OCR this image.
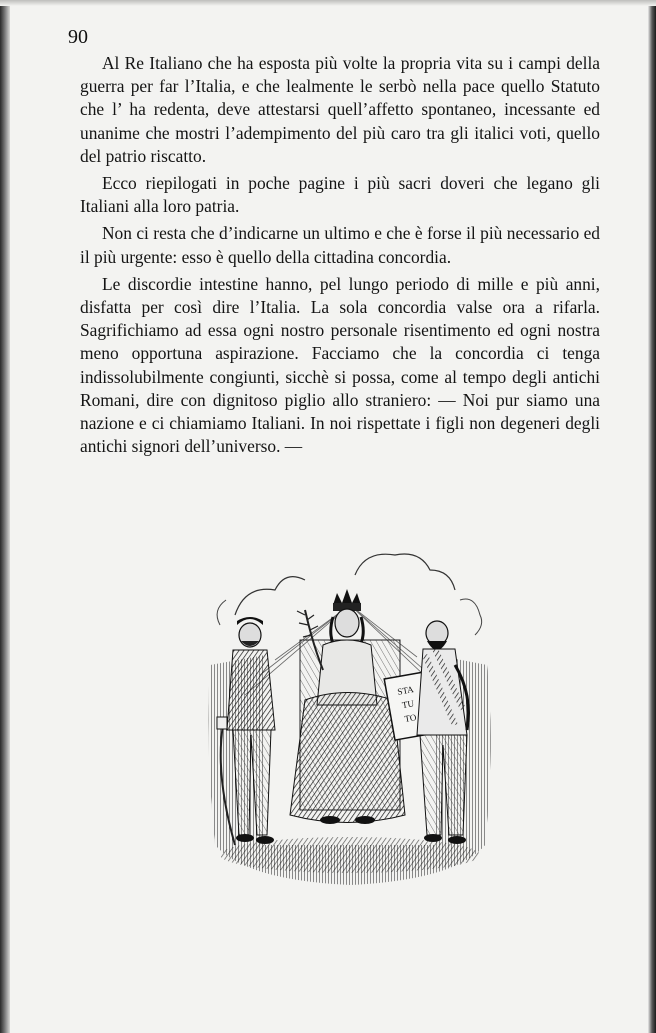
90

Al Re Italiano che ha esposta più volte la propria vita su i campi della guerra per far l’Italia, e che lealmente le serbò nella pace quello Statuto che l’ ha redenta, deve attestarsi quell’affetto spontaneo, incessante ed unanime che mostri l’adempimento del più caro tra gli italici voti, quello del patrio riscatto.

Ecco riepilogati in poche pagine i più sacri doveri che legano gli Italiani alla loro patria.

Non ci resta che d’indicarne un ultimo e che è forse il più necessario ed il più urgente: esso è quello della cittadina concordia.

Le discordie intestine hanno, pel lungo periodo di mille e più anni, disfatta per così dire l’Italia. La sola concordia valse ora a rifarla. Sagrifichiamo ad essa ogni nostro personale risentimento ed ogni nostra meno opportuna aspirazione. Facciamo che la concordia ci tenga indissolubilmente congiunti, sicchè si possa, come al tempo degli antichi Romani, dire con dignitoso piglio allo straniero: — Noi pur siamo una nazione e ci chiamiamo Italiani. In noi rispettate i figli non degeneri degli antichi signori dell’universo. —

STA
TU
TO
